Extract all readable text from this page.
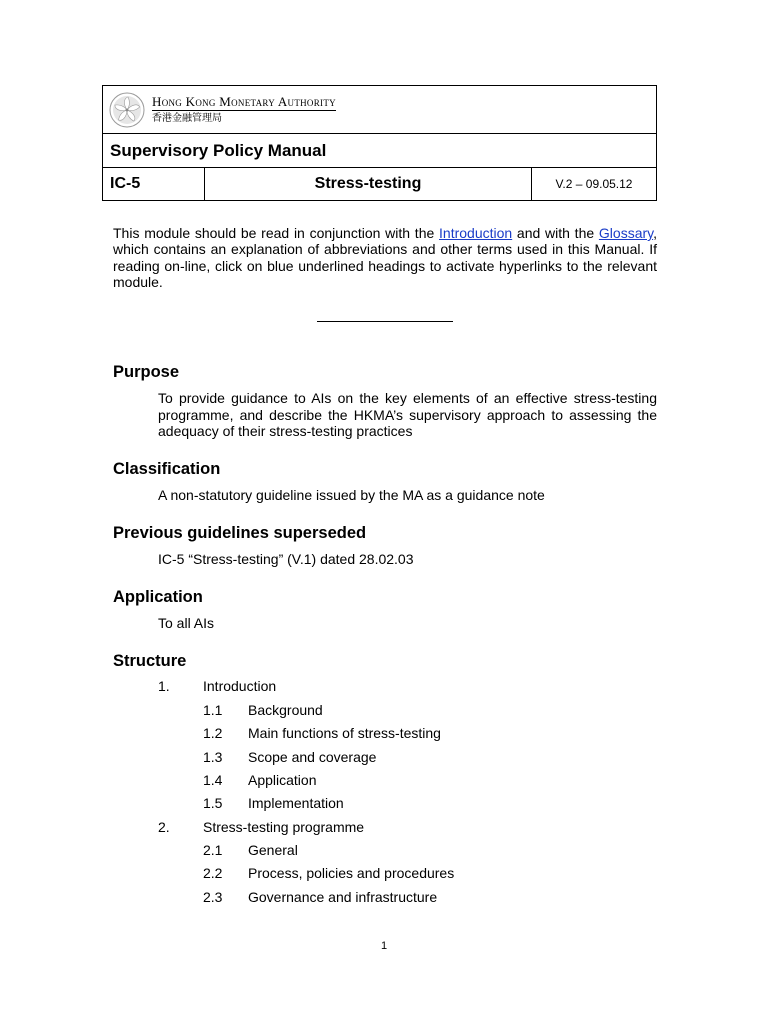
Hong Kong Monetary Authority
香港金融管理局

Supervisory Policy Manual
IC-5	Stress-testing	V.2 – 09.05.12
This module should be read in conjunction with the Introduction and with the Glossary, which contains an explanation of abbreviations and other terms used in this Manual. If reading on-line, click on blue underlined headings to activate hyperlinks to the relevant module.
Purpose

To provide guidance to AIs on the key elements of an effective stress-testing programme, and describe the HKMA’s supervisory approach to assessing the adequacy of their stress-testing practices

Classification

A non-statutory guideline issued by the MA as a guidance note

Previous guidelines superseded

IC-5 “Stress-testing” (V.1) dated 28.02.03

Application

To all AIs

Structure
1. Introduction
1.1 Background
1.2 Main functions of stress-testing
1.3 Scope and coverage
1.4 Application
1.5 Implementation
2. Stress-testing programme
2.1 General
2.2 Process, policies and procedures
2.3 Governance and infrastructure
1
